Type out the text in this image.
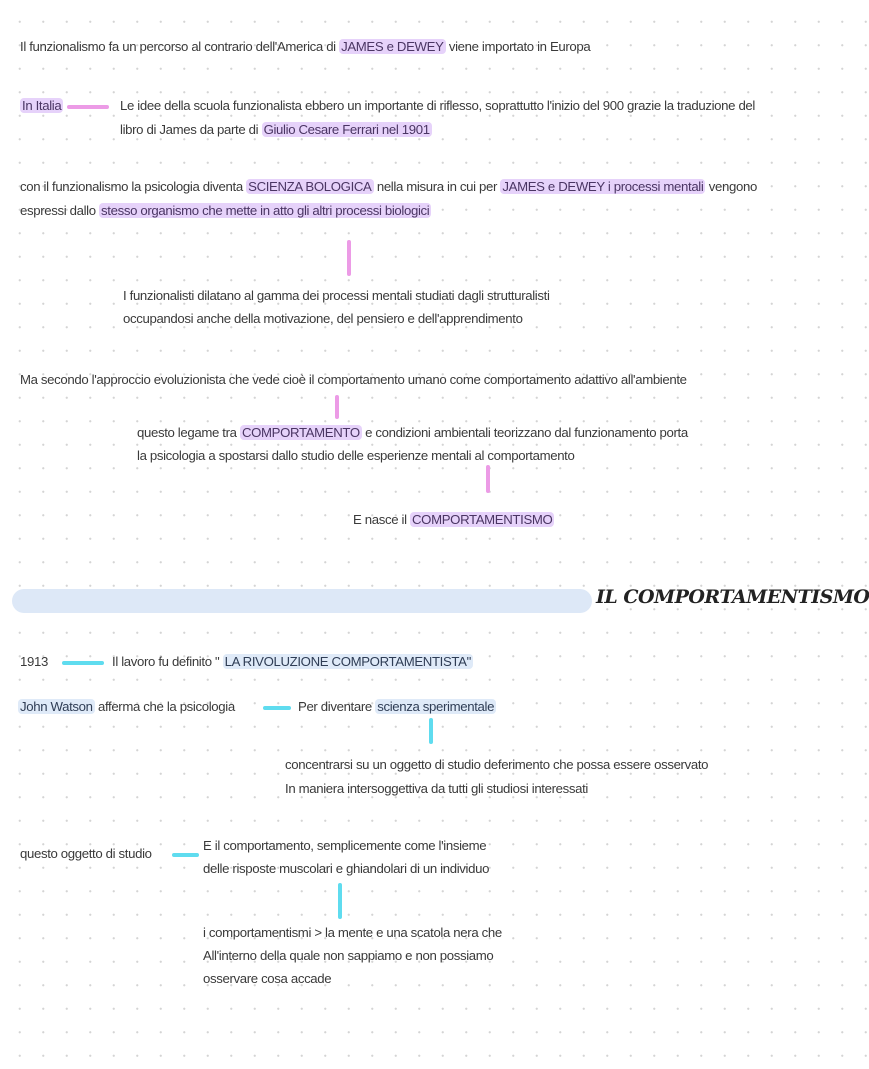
Il funzionalismo fa un percorso al contrario dell'America di JAMES e DEWEY viene importato in Europa
In Italia	Le idee della scuola funzionalista ebbero un importante di riflesso, soprattutto l'inizio del 900 grazie la traduzione del
libro di James da parte di Giulio Cesare Ferrari nel 1901
con il funzionalismo la psicologia diventa SCIENZA BOLOGICA nella misura in cui per JAMES e DEWEY i processi mentali vengono
espressi dallo stesso organismo che mette in atto gli altri processi biologici
I funzionalisti dilatano al gamma dei processi mentali studiati dagli strutturalisti
occupandosi anche della motivazione, del pensiero e dell'apprendimento
Ma secondo l'approccio evoluzionista che vede cioè il comportamento umano come comportamento adattivo all'ambiente
questo legame tra COMPORTAMENTO e condizioni ambientali teorizzano dal funzionamento porta
la psicologia a spostarsi dallo studio delle esperienze mentali al comportamento
E nasce il COMPORTAMENTISMO
IL COMPORTAMENTISMO
1913	Il lavoro fu definito " LA RIVOLUZIONE COMPORTAMENTISTA"
John Watson afferma che la psicologia	Per diventare scienza sperimentale
concentrarsi su un oggetto di studio deferimento che possa essere osservato
In maniera intersoggettiva da tutti gli studiosi interessati
questo oggetto di studio
E il comportamento, semplicemente come l'insieme
delle risposte muscolari e ghiandolari di un individuo
i comportamentismi > la mente e una scatola nera che
All'interno della quale non sappiamo e non possiamo
osservare cosa accade
